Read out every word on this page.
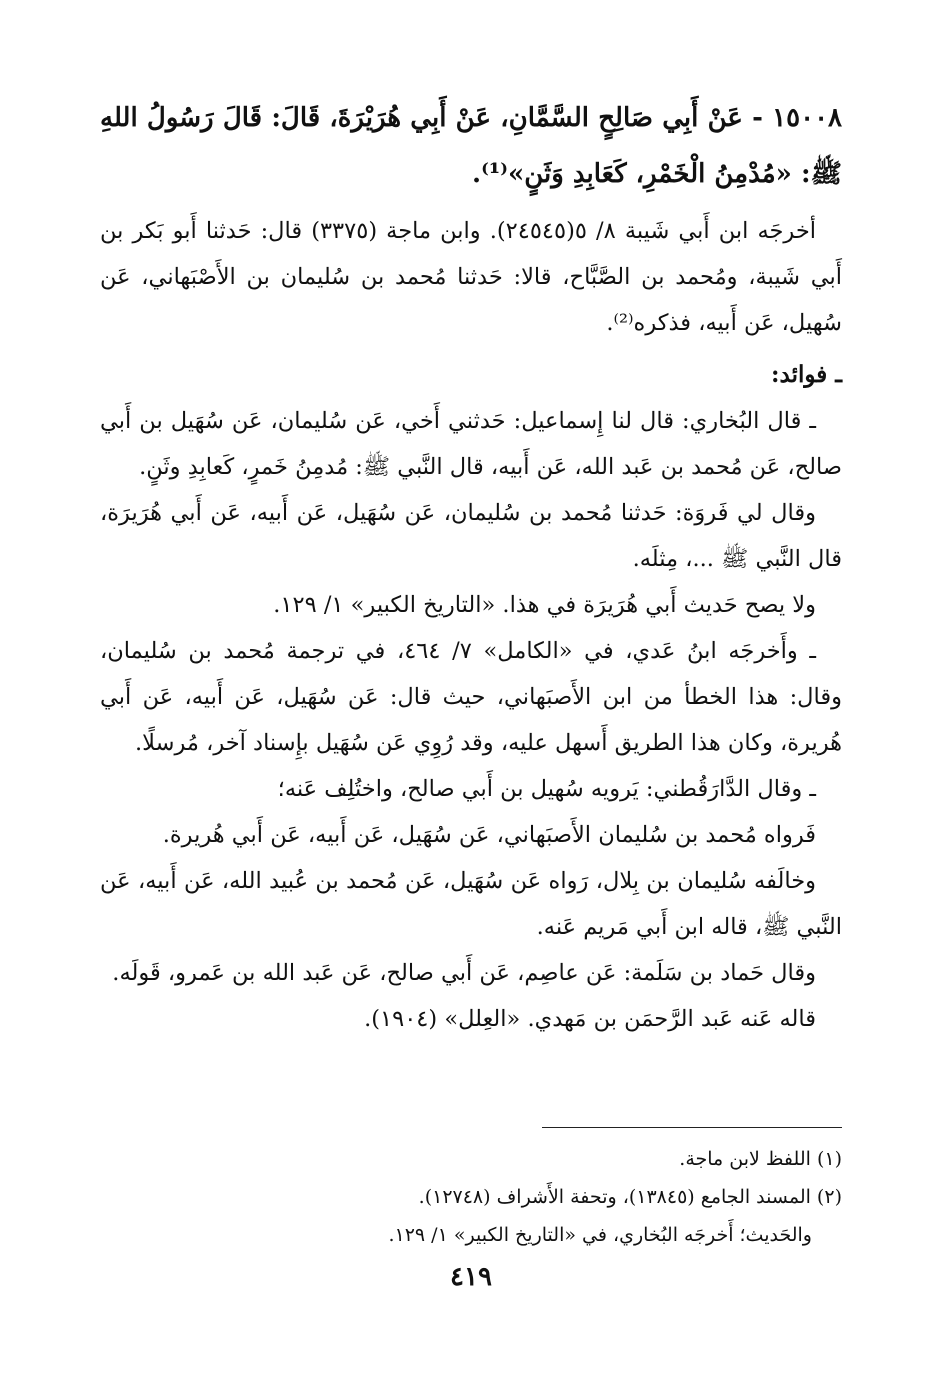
١٥٠٠٨ - عَنْ أَبِي صَالِحٍ السَّمَّانِ، عَنْ أَبِي هُرَيْرَةَ، قَالَ: قَالَ رَسُولُ اللهِ ﷺ: «مُدْمِنُ الْخَمْرِ، كَعَابِدِ وَثَنٍ»⁽¹⁾.

أخرجَه ابن أَبي شَيبة ٨/ ٥(٢٤٥٤٥). وابن ماجة (٣٣٧٥) قال: حَدثنا أَبو بَكر بن أَبي شَيبة، ومُحمد بن الصَّبَّاح، قالا: حَدثنا مُحمد بن سُليمان بن الأَصْبَهاني، عَن سُهيل، عَن أَبيه، فذكره⁽²⁾.

ـ فوائد:

ـ قال البُخاري: قال لنا إِسماعيل: حَدثني أَخي، عَن سُليمان، عَن سُهَيل بن أَبي صالح، عَن مُحمد بن عَبد الله، عَن أَبيه، قال النَّبي ﷺ: مُدمِنُ خَمرٍ، كَعابِدِ وثَنٍ.

وقال لي فَروَة: حَدثنا مُحمد بن سُليمان، عَن سُهَيل، عَن أَبيه، عَن أَبي هُرَيرَة، قال النَّبي ﷺ ...، مِثلَه.

ولا يصح حَديث أَبي هُرَيرَة في هذا. «التاريخ الكبير» ١/ ١٢٩.

ـ وأَخرجَه ابنُ عَدي، في «الكامل» ٧/ ٤٦٤، في ترجمة مُحمد بن سُليمان، وقال: هذا الخطأ من ابن الأَصبَهاني، حيث قال: عَن سُهَيل، عَن أَبيه، عَن أَبي هُريرة، وكان هذا الطريق أَسهل عليه، وقد رُوِي عَن سُهَيل بإِسناد آخر، مُرسلًا.

ـ وقال الدَّارَقُطني: يَرويه سُهيل بن أَبي صالح، واختُلِف عَنه؛

فَرواه مُحمد بن سُليمان الأَصبَهاني، عَن سُهَيل، عَن أَبيه، عَن أَبي هُريرة.

وخالَفه سُليمان بن بِلال، رَواه عَن سُهَيل، عَن مُحمد بن عُبيد الله، عَن أَبيه، عَن النَّبي ﷺ، قاله ابن أَبي مَريم عَنه.

وقال حَماد بن سَلَمة: عَن عاصِم، عَن أَبي صالح، عَن عَبد الله بن عَمرو، قَولَه.

قاله عَنه عَبد الرَّحمَن بن مَهدي. «العِلل» (١٩٠٤).

(١) اللفظ لابن ماجة.

(٢) المسند الجامع (١٣٨٤٥)، وتحفة الأَشراف (١٢٧٤٨).

والحَديث؛ أَخرجَه البُخاري، في «التاريخ الكبير» ١/ ١٢٩.

٤١٩
